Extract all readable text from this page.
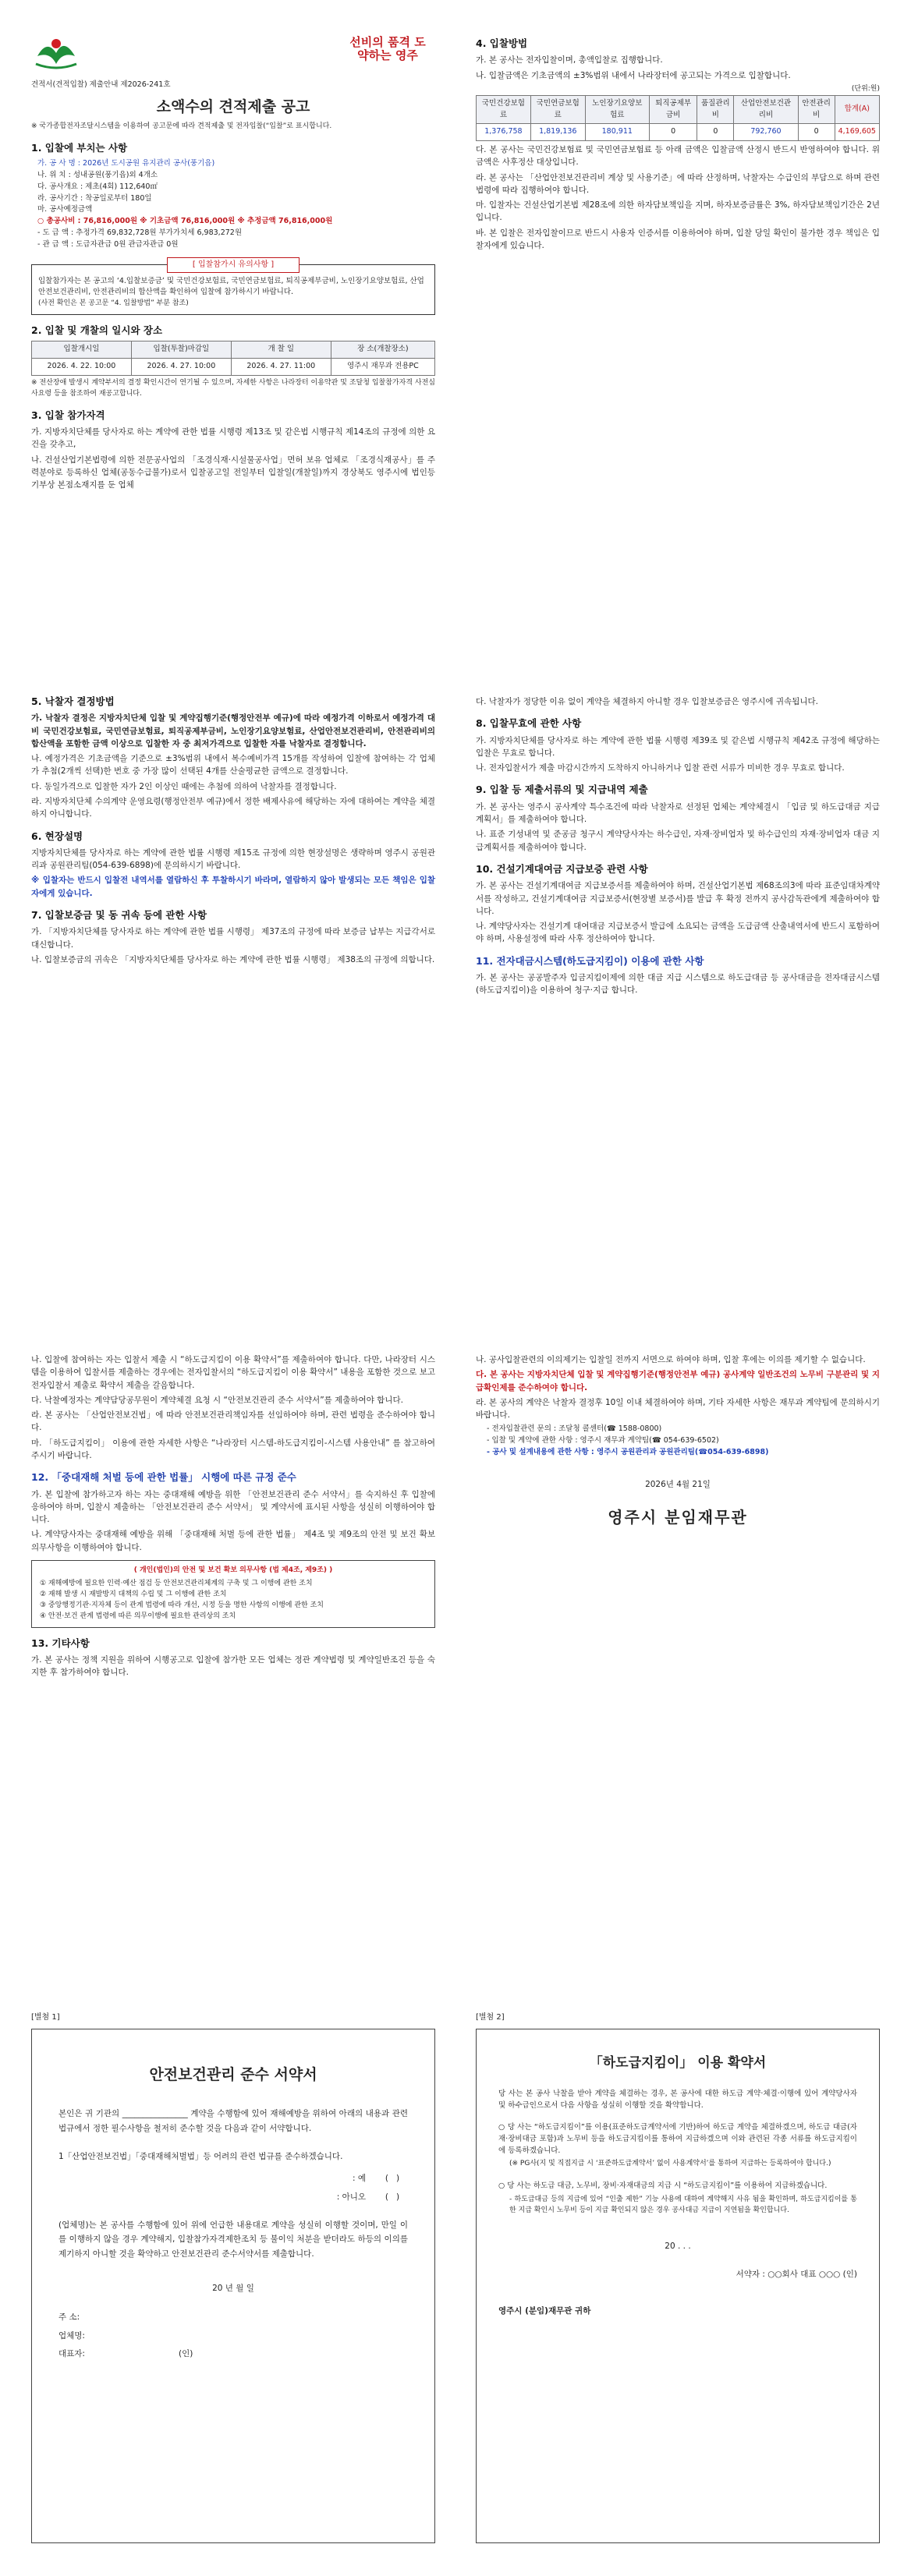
선비의 품격 도약하는 영주
견적서(견적입찰) 제출안내 제2026-241호
소액수의 견적제출 공고
※ 국가종합전자조달시스템을 이용하여 공고문에 따라 견적제출 및 전자입찰(“입찰”로 표시합니다.
1. 입찰에 부치는 사항
가. 공 사 명 : 2026년 도시공원 유지관리 공사(풍기읍)
나. 위 치 : 성내공원(풍기읍)외 4개소
다. 공사개요 : 제초(4회) 112,640㎡
라. 공사기간 : 착공일로부터 180일
마. 공사예정금액
○ 총공사비 : 76,816,000원 ※ 기초금액 76,816,000원 ※ 추정금액 76,816,000원
- 도 급 액 : 추정가격 69,832,728원 부가가치세 6,983,272원
- 관 급 액 : 도급자관급 0원 관급자관급 0원
[ 입찰참가시 유의사항 ]
입찰참가자는 본 공고의 ‘4.입찰보증금’ 및 국민건강보험료, 국민연금보험료, 퇴직공제부금비, 노인장기요양보험료, 산업안전보건관리비, 안전관리비의 합산액을 확인하여 입찰에 참가하시기 바랍니다.
(사전 확인은 본 공고문 “4. 입찰방법” 부분 참조)
2. 입찰 및 개찰의 일시와 장소
입찰개시일	입찰(투찰)마감일	개 찰 일	장 소(개찰장소)
2026. 4. 22. 10:00	2026. 4. 27. 10:00	2026. 4. 27. 11:00	영주시 재무과 전용PC
※ 전산장애 발생시 계약부서의 결정 확인시간이 연기될 수 있으며, 자세한 사항은 나라장터 이용약관 및 조달청 입찰참가자격 사전심사요령 등을 참조하여 재공고합니다.
3. 입찰 참가자격
가. 지방자치단체를 당사자로 하는 계약에 관한 법률 시행령 제13조 및 같은법 시행규칙 제14조의 규정에 의한 요건을 갖추고,
나. 건설산업기본법령에 의한 전문공사업의 「조경식재·시설물공사업」면허 보유 업체로 「조경식재공사」를 주력분야로 등록하신 업체(공동수급불가)로서 입찰공고일 전일부터 입찰일(개찰일)까지 경상북도 영주시에 법인등기부상 본점소재지를 둔 업체
4. 입찰방법
가. 본 공사는 전자입찰이며, 총액입찰로 집행합니다.
나. 입찰금액은 기초금액의 ±3%범위 내에서 나라장터에 공고되는 가격으로 입찰합니다.
(단위:원)
국민건강보험료	국민연금보험료	노인장기요양보험료	퇴직공제부금비	품질관리비	산업안전보건관리비	안전관리비	합계(A)
1,376,758	1,819,136	180,911	0	0	792,760	0	4,169,605
다. 본 공사는 국민건강보험료 및 국민연금보험료 등 아래 금액은 입찰금액 산정시 반드시 반영하여야 합니다. 위 금액은 사후정산 대상입니다.
라. 본 공사는 「산업안전보건관리비 계상 및 사용기준」에 따라 산정하며, 낙찰자는 수급인의 부담으로 하며 관련 법령에 따라 집행하여야 합니다.
마. 입찰자는 건설산업기본법 제28조에 의한 하자담보책임을 지며, 하자보증금률은 3%, 하자담보책임기간은 2년입니다.
바. 본 입찰은 전자입찰이므로 반드시 사용자 인증서를 이용하여야 하며, 입찰 당일 확인이 불가한 경우 책임은 입찰자에게 있습니다.
5. 낙찰자 결정방법
가. 낙찰자 결정은 지방자치단체 입찰 및 계약집행기준(행정안전부 예규)에 따라 예정가격 이하로서 예정가격 대비 국민건강보험료, 국민연금보험료, 퇴직공제부금비, 노인장기요양보험료, 산업안전보건관리비, 안전관리비의 합산액을 포함한 금액 이상으로 입찰한 자 중 최저가격으로 입찰한 자를 낙찰자로 결정합니다.
나. 예정가격은 기초금액을 기준으로 ±3%범위 내에서 복수예비가격 15개를 작성하여 입찰에 참여하는 각 업체가 추첨(2개씩 선택)한 번호 중 가장 많이 선택된 4개를 산술평균한 금액으로 결정합니다.
다. 동일가격으로 입찰한 자가 2인 이상인 때에는 추첨에 의하여 낙찰자를 결정합니다.
라. 지방자치단체 수의계약 운영요령(행정안전부 예규)에서 정한 배제사유에 해당하는 자에 대하여는 계약을 체결하지 아니합니다.
6. 현장설명
지방자치단체를 당사자로 하는 계약에 관한 법률 시행령 제15조 규정에 의한 현장설명은 생략하며 영주시 공원관리과 공원관리팀(054-639-6898)에 문의하시기 바랍니다.
※ 입찰자는 반드시 입찰전 내역서를 열람하신 후 투찰하시기 바라며, 열람하지 않아 발생되는 모든 책임은 입찰자에게 있습니다.
7. 입찰보증금 및 동 귀속 등에 관한 사항
가. 「지방자치단체를 당사자로 하는 계약에 관한 법률 시행령」 제37조의 규정에 따라 보증금 납부는 지급각서로 대신합니다.
나. 입찰보증금의 귀속은 「지방자치단체를 당사자로 하는 계약에 관한 법률 시행령」 제38조의 규정에 의합니다.
다. 낙찰자가 정당한 이유 없이 계약을 체결하지 아니할 경우 입찰보증금은 영주시에 귀속됩니다.
8. 입찰무효에 관한 사항
가. 지방자치단체를 당사자로 하는 계약에 관한 법률 시행령 제39조 및 같은법 시행규칙 제42조 규정에 해당하는 입찰은 무효로 합니다.
나. 전자입찰서가 제출 마감시간까지 도착하지 아니하거나 입찰 관련 서류가 미비한 경우 무효로 합니다.
9. 입찰 등 제출서류의 및 지급내역 제출
가. 본 공사는 영주시 공사계약 특수조건에 따라 낙찰자로 선정된 업체는 계약체결시 「입금 및 하도급대금 지급 계획서」를 제출하여야 합니다.
나. 표준 기성내역 및 준공금 청구시 계약당사자는 하수급인, 자재·장비업자 및 하수급인의 자재·장비업자 대금 지급계획서를 제출하여야 합니다.
10. 건설기계대여금 지급보증 관련 사항
가. 본 공사는 건설기계대여금 지급보증서를 제출하여야 하며, 건설산업기본법 제68조의3에 따라 표준임대차계약서를 작성하고, 건설기계대여금 지급보증서(현장별 보증서)를 발급 후 확정 전까지 공사감독관에게 제출하여야 합니다.
나. 계약당사자는 건설기계 대여대금 지급보증서 발급에 소요되는 금액을 도급금액 산출내역서에 반드시 포함하여야 하며, 사용설정에 따라 사후 정산하여야 합니다.
11. 전자대금시스템(하도급지킴이) 이용에 관한 사항
가. 본 공사는 공공발주자 입금지킴이제에 의한 대금 지급 시스템으로 하도급대금 등 공사대금을 전자대금시스템(하도급지킴이)을 이용하여 청구·지급 합니다.
나. 입찰에 참여하는 자는 입찰서 제출 시 “하도급지킴이 이용 확약서”를 제출하여야 합니다. 다만, 나라장터 시스템을 이용하여 입찰서를 제출하는 경우에는 전자입찰서의 “하도급지킴이 이용 확약서” 내용을 포함한 것으로 보고 전자입찰서 제출로 확약서 제출을 갈음합니다.
다. 낙찰예정자는 계약담당공무원이 계약체결 요청 시 “안전보건관리 준수 서약서”를 제출하여야 합니다.
라. 본 공사는 「산업안전보건법」에 따라 안전보건관리책임자를 선임하여야 하며, 관련 법령을 준수하여야 합니다.
마. 「하도급지킴이」 이용에 관한 자세한 사항은 “나라장터 시스템-하도급지킴이-시스템 사용안내” 를 참고하여 주시기 바랍니다.
12. 「중대재해 처벌 등에 관한 법률」 시행에 따른 규정 준수
가. 본 입찰에 참가하고자 하는 자는 중대재해 예방을 위한 「안전보건관리 준수 서약서」를 숙지하신 후 입찰에 응하여야 하며, 입찰시 제출하는 「안전보건관리 준수 서약서」 및 계약서에 표시된 사항을 성실히 이행하여야 합니다.
나. 계약당사자는 중대재해 예방을 위해 「중대재해 처벌 등에 관한 법률」 제4조 및 제9조의 안전 및 보건 확보 의무사항을 이행하여야 합니다.
( 개인(법인)의 안전 및 보건 확보 의무사항 (법 제4조, 제9조) )
① 재해예방에 필요한 인력·예산 점검 등 안전보건관리체계의 구축 및 그 이행에 관한 조치
② 재해 발생 시 재발방지 대책의 수립 및 그 이행에 관한 조치
③ 중앙행정기관·지자체 등이 관계 법령에 따라 개선, 시정 등을 명한 사항의 이행에 관한 조치
④ 안전·보건 관계 법령에 따른 의무이행에 필요한 관리상의 조치
13. 기타사항
가. 본 공사는 정책 지원을 위하여 시행공고로 입찰에 참가한 모든 업체는 정관 계약법령 및 계약일반조건 등을 숙지한 후 참가하여야 합니다.
나. 공사입찰관련의 이의제기는 입찰일 전까지 서면으로 하여야 하며, 입찰 후에는 이의를 제기할 수 없습니다.
다. 본 공사는 지방자치단체 입찰 및 계약집행기준(행정안전부 예규) 공사계약 일반조건의 노무비 구분관리 및 지급확인제를 준수하여야 합니다.
라. 본 공사의 계약은 낙찰자 결정후 10일 이내 체결하여야 하며, 기타 자세한 사항은 재무과 계약팀에 문의하시기 바랍니다.
- 전자입찰관련 문의 : 조달청 콜센터(☎ 1588-0800)
- 입찰 및 계약에 관한 사항 : 영주시 재무과 계약팀(☎ 054-639-6502)
- 공사 및 설계내용에 관한 사항 : 영주시 공원관리과 공원관리팀(☎054-639-6898)
2026년 4월 21일
영주시 분임재무관
[별첨 1]
안전보건관리 준수 서약서
본인은 귀 기관의 ________________ 계약을 수행함에 있어 재해예방을 위하여 아래의 내용과 관련 법규에서 정한 필수사항을 철저히 준수할 것을 다음과 같이 서약합니다.
1「산업안전보건법」「중대재해처벌법」등 어려의 관련 법규를 준수하겠습니다.
: 예	(   )
: 아니오	(   )
(업체명)는 본 공사를 수행함에 있어 위에 언급한 내용대로 계약을 성실히 이행할 것이며, 만일 이를 이행하지 않을 경우 계약해지, 입찰참가자격제한조치 등 불이익 처분을 받더라도 하등의 이의를 제기하지 아니할 것을 확약하고 안전보건관리 준수서약서를 제출합니다.
20 년 월 일
주 소:
업체명:
대표자:	(인)
[별첨 2]
「하도급지킴이」 이용 확약서
당 사는 본 공사 낙찰을 받아 계약을 체결하는 경우, 본 공사에 대한 하도급 계약·체결·이행에 있어 계약당사자 및 하수급인으로서 다음 사항을 성실히 이행할 것을 확약합니다.
○ 당 사는 “하도급지킴이”를 이용(표준하도급계약서에 기반)하여 하도급 계약을 체결하겠으며, 하도급 대금(자재·장비대금 포함)과 노무비 등을 하도급지킴이를 통하여 지급하겠으며 이와 관련된 각종 서류를 하도급지킴이에 등록하겠습니다.
(※ PG사(지 및 직접지급 시 ‘표준하도급계약서’ 없이 사용계약서’를 통하여 지급하는 등록하여야 합니다.)
○ 당 사는 하도급 대금, 노무비, 장비·자재대금의 지급 시 “하도급지킴이”를 이용하여 지급하겠습니다.
- 하도급대금 등의 지급에 있어 “인출 제한” 기능 사용에 대하여 계약해지 사유 됨을 확인하며, 하도급지킴이를 통한 지급 확인시 노무비 등이 지급 확인되지 않은 경우 공사대금 지급이 지연됨을 확인합니다.
20 . . .
서약자 : ○○회사 대표 ○○○ (인)
영주시 (분임)재무관 귀하
